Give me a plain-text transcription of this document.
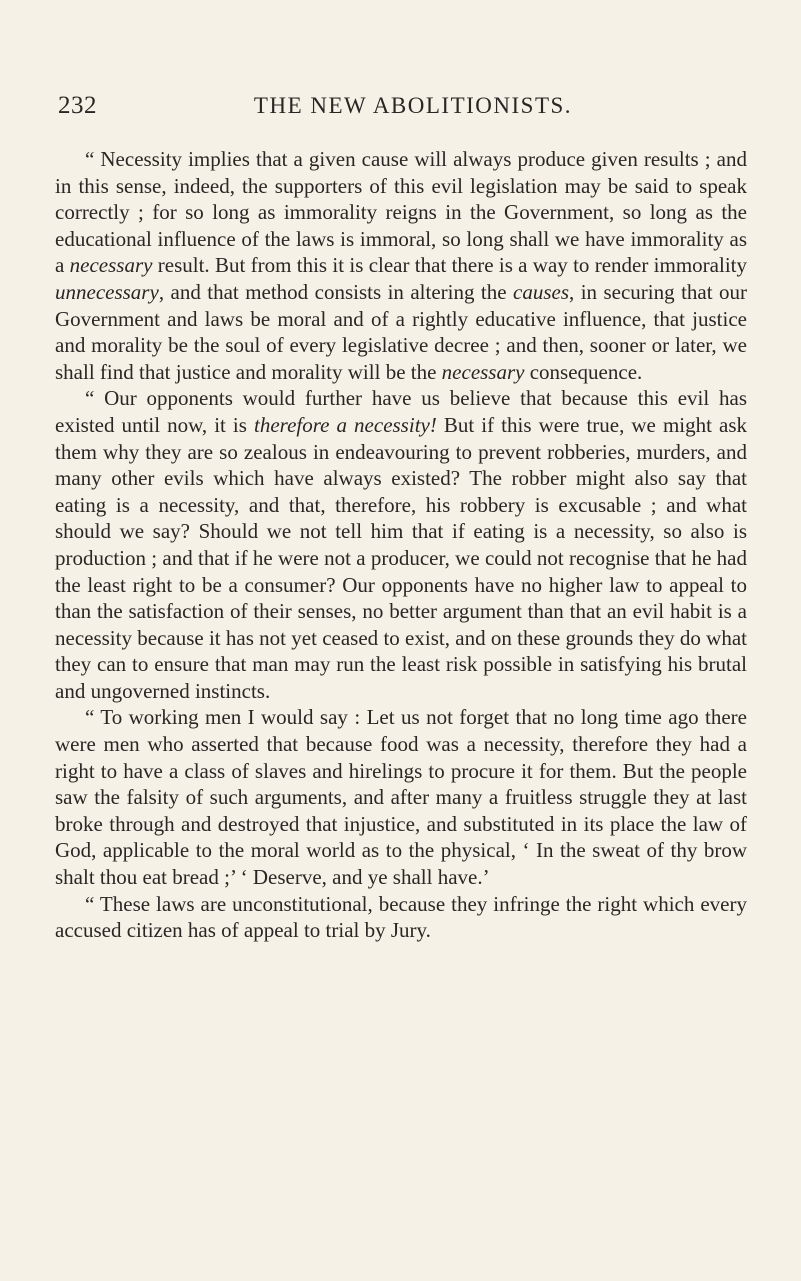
232	THE NEW ABOLITIONISTS.

“ Necessity implies that a given cause will always produce given results ; and in this sense, indeed, the supporters of this evil legislation may be said to speak correctly ; for so long as immorality reigns in the Government, so long as the educational influence of the laws is immoral, so long shall we have immorality as a necessary result. But from this it is clear that there is a way to render immorality unnecessary, and that method consists in altering the causes, in securing that our Government and laws be moral and of a rightly educative influence, that justice and morality be the soul of every legislative decree ; and then, sooner or later, we shall find that justice and morality will be the necessary consequence.

“ Our opponents would further have us believe that because this evil has existed until now, it is therefore a necessity! But if this were true, we might ask them why they are so zealous in endeavouring to prevent robberies, murders, and many other evils which have always existed? The robber might also say that eating is a necessity, and that, therefore, his robbery is excusable ; and what should we say? Should we not tell him that if eating is a necessity, so also is production ; and that if he were not a producer, we could not recognise that he had the least right to be a consumer? Our opponents have no higher law to appeal to than the satisfaction of their senses, no better argument than that an evil habit is a necessity because it has not yet ceased to exist, and on these grounds they do what they can to ensure that man may run the least risk possible in satisfying his brutal and ungoverned instincts.

“ To working men I would say : Let us not forget that no long time ago there were men who asserted that because food was a necessity, therefore they had a right to have a class of slaves and hirelings to procure it for them. But the people saw the falsity of such arguments, and after many a fruitless struggle they at last broke through and destroyed that injustice, and substituted in its place the law of God, applicable to the moral world as to the physical, ‘ In the sweat of thy brow shalt thou eat bread ;’ ‘ Deserve, and ye shall have.’

“ These laws are unconstitutional, because they infringe the right which every accused citizen has of appeal to trial by Jury.
